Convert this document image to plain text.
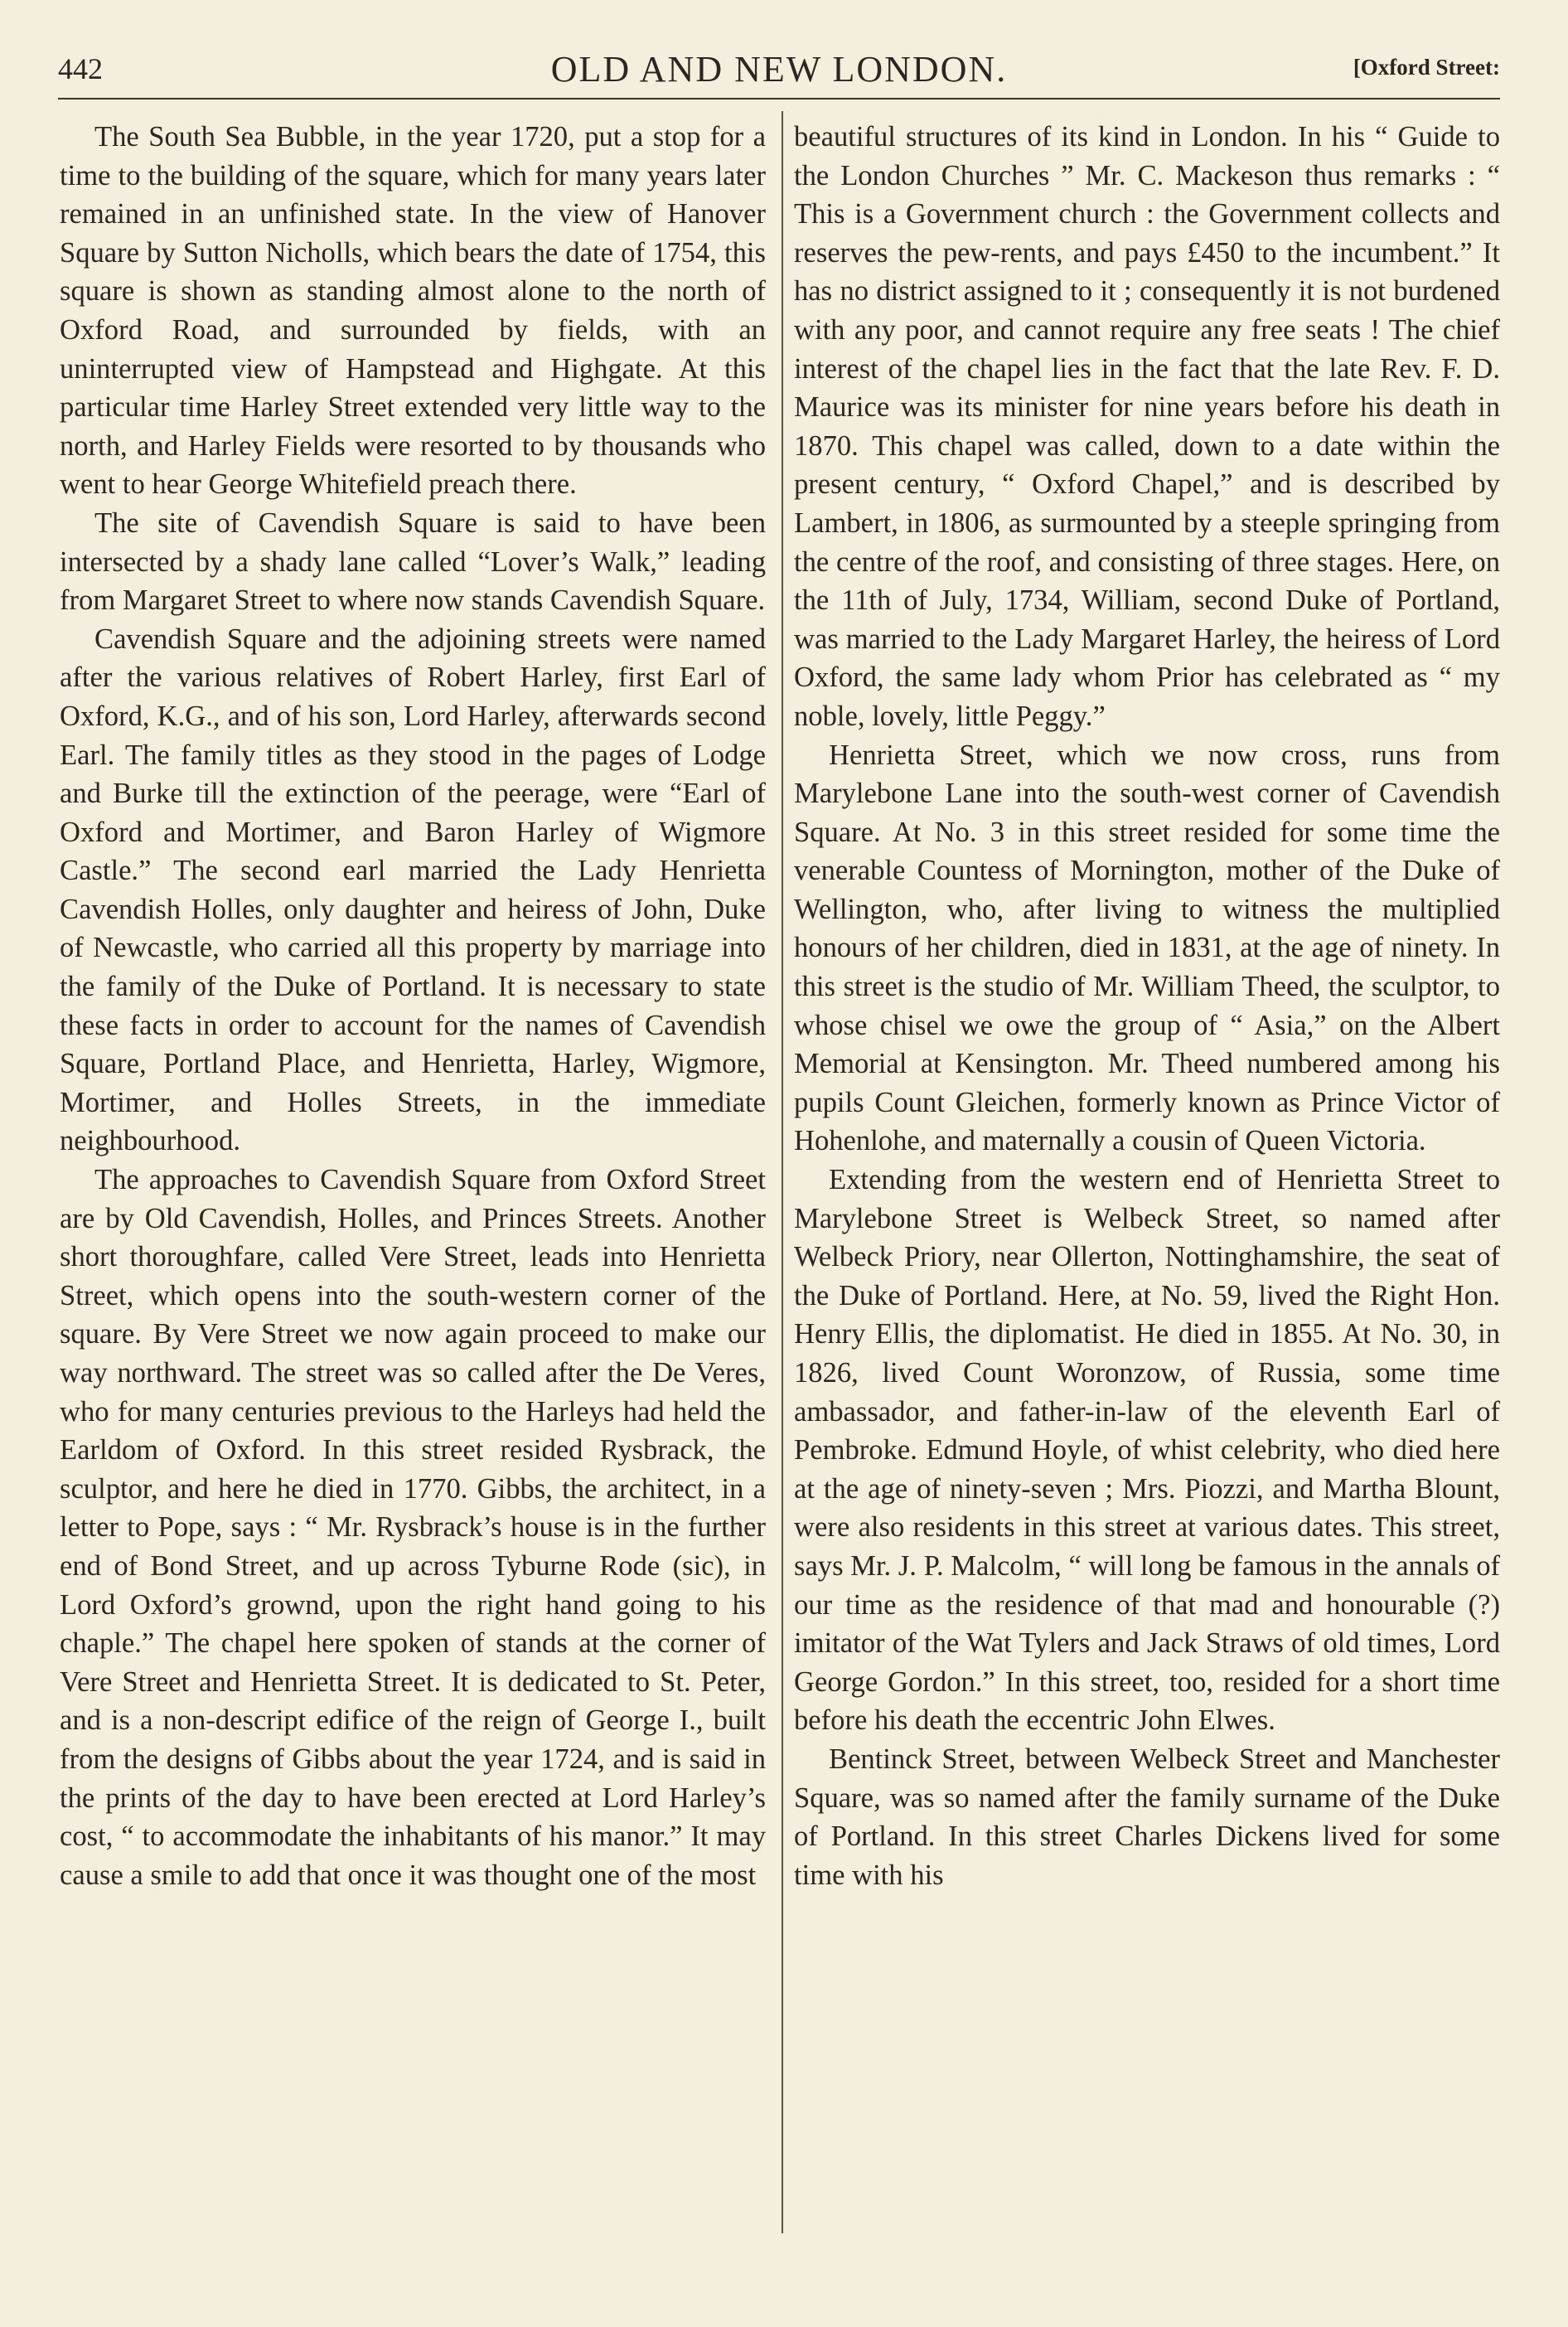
442	OLD AND NEW LONDON.	[Oxford Street:

The South Sea Bubble, in the year 1720, put a stop for a time to the building of the square, which for many years later remained in an unfinished state. In the view of Hanover Square by Sutton Nicholls, which bears the date of 1754, this square is shown as standing almost alone to the north of Oxford Road, and surrounded by fields, with an uninterrupted view of Hampstead and Highgate. At this particular time Harley Street extended very little way to the north, and Harley Fields were resorted to by thousands who went to hear George Whitefield preach there.

The site of Cavendish Square is said to have been intersected by a shady lane called “Lover’s Walk,” leading from Margaret Street to where now stands Cavendish Square.

Cavendish Square and the adjoining streets were named after the various relatives of Robert Harley, first Earl of Oxford, K.G., and of his son, Lord Harley, afterwards second Earl. The family titles as they stood in the pages of Lodge and Burke till the extinction of the peerage, were “Earl of Oxford and Mortimer, and Baron Harley of Wigmore Castle.” The second earl married the Lady Henrietta Cavendish Holles, only daughter and heiress of John, Duke of Newcastle, who carried all this property by marriage into the family of the Duke of Portland. It is necessary to state these facts in order to account for the names of Cavendish Square, Portland Place, and Henrietta, Harley, Wigmore, Mortimer, and Holles Streets, in the immediate neighbourhood.

The approaches to Cavendish Square from Oxford Street are by Old Cavendish, Holles, and Princes Streets. Another short thoroughfare, called Vere Street, leads into Henrietta Street, which opens into the south-western corner of the square. By Vere Street we now again proceed to make our way northward. The street was so called after the De Veres, who for many centuries previous to the Harleys had held the Earldom of Oxford. In this street resided Rysbrack, the sculptor, and here he died in 1770. Gibbs, the architect, in a letter to Pope, says : “ Mr. Rysbrack’s house is in the further end of Bond Street, and up across Tyburne Rode (sic), in Lord Oxford’s grownd, upon the right hand going to his chaple.” The chapel here spoken of stands at the corner of Vere Street and Henrietta Street. It is dedicated to St. Peter, and is a non-descript edifice of the reign of George I., built from the designs of Gibbs about the year 1724, and is said in the prints of the day to have been erected at Lord Harley’s cost, “ to accommodate the inhabitants of his manor.” It may cause a smile to add that once it was thought one of the most

beautiful structures of its kind in London. In his “ Guide to the London Churches ” Mr. C. Mackeson thus remarks : “ This is a Government church : the Government collects and reserves the pew-rents, and pays £450 to the incumbent.” It has no district assigned to it ; consequently it is not burdened with any poor, and cannot require any free seats ! The chief interest of the chapel lies in the fact that the late Rev. F. D. Maurice was its minister for nine years before his death in 1870. This chapel was called, down to a date within the present century, “ Oxford Chapel,” and is described by Lambert, in 1806, as surmounted by a steeple springing from the centre of the roof, and consisting of three stages. Here, on the 11th of July, 1734, William, second Duke of Portland, was married to the Lady Margaret Harley, the heiress of Lord Oxford, the same lady whom Prior has celebrated as “ my noble, lovely, little Peggy.”

Henrietta Street, which we now cross, runs from Marylebone Lane into the south-west corner of Cavendish Square. At No. 3 in this street resided for some time the venerable Countess of Mornington, mother of the Duke of Wellington, who, after living to witness the multiplied honours of her children, died in 1831, at the age of ninety. In this street is the studio of Mr. William Theed, the sculptor, to whose chisel we owe the group of “ Asia,” on the Albert Memorial at Kensington. Mr. Theed numbered among his pupils Count Gleichen, formerly known as Prince Victor of Hohenlohe, and maternally a cousin of Queen Victoria.

Extending from the western end of Henrietta Street to Marylebone Street is Welbeck Street, so named after Welbeck Priory, near Ollerton, Nottinghamshire, the seat of the Duke of Portland. Here, at No. 59, lived the Right Hon. Henry Ellis, the diplomatist. He died in 1855. At No. 30, in 1826, lived Count Woronzow, of Russia, some time ambassador, and father-in-law of the eleventh Earl of Pembroke. Edmund Hoyle, of whist celebrity, who died here at the age of ninety-seven ; Mrs. Piozzi, and Martha Blount, were also residents in this street at various dates. This street, says Mr. J. P. Malcolm, “ will long be famous in the annals of our time as the residence of that mad and honourable (?) imitator of the Wat Tylers and Jack Straws of old times, Lord George Gordon.” In this street, too, resided for a short time before his death the eccentric John Elwes.

Bentinck Street, between Welbeck Street and Manchester Square, was so named after the family surname of the Duke of Portland. In this street Charles Dickens lived for some time with his
